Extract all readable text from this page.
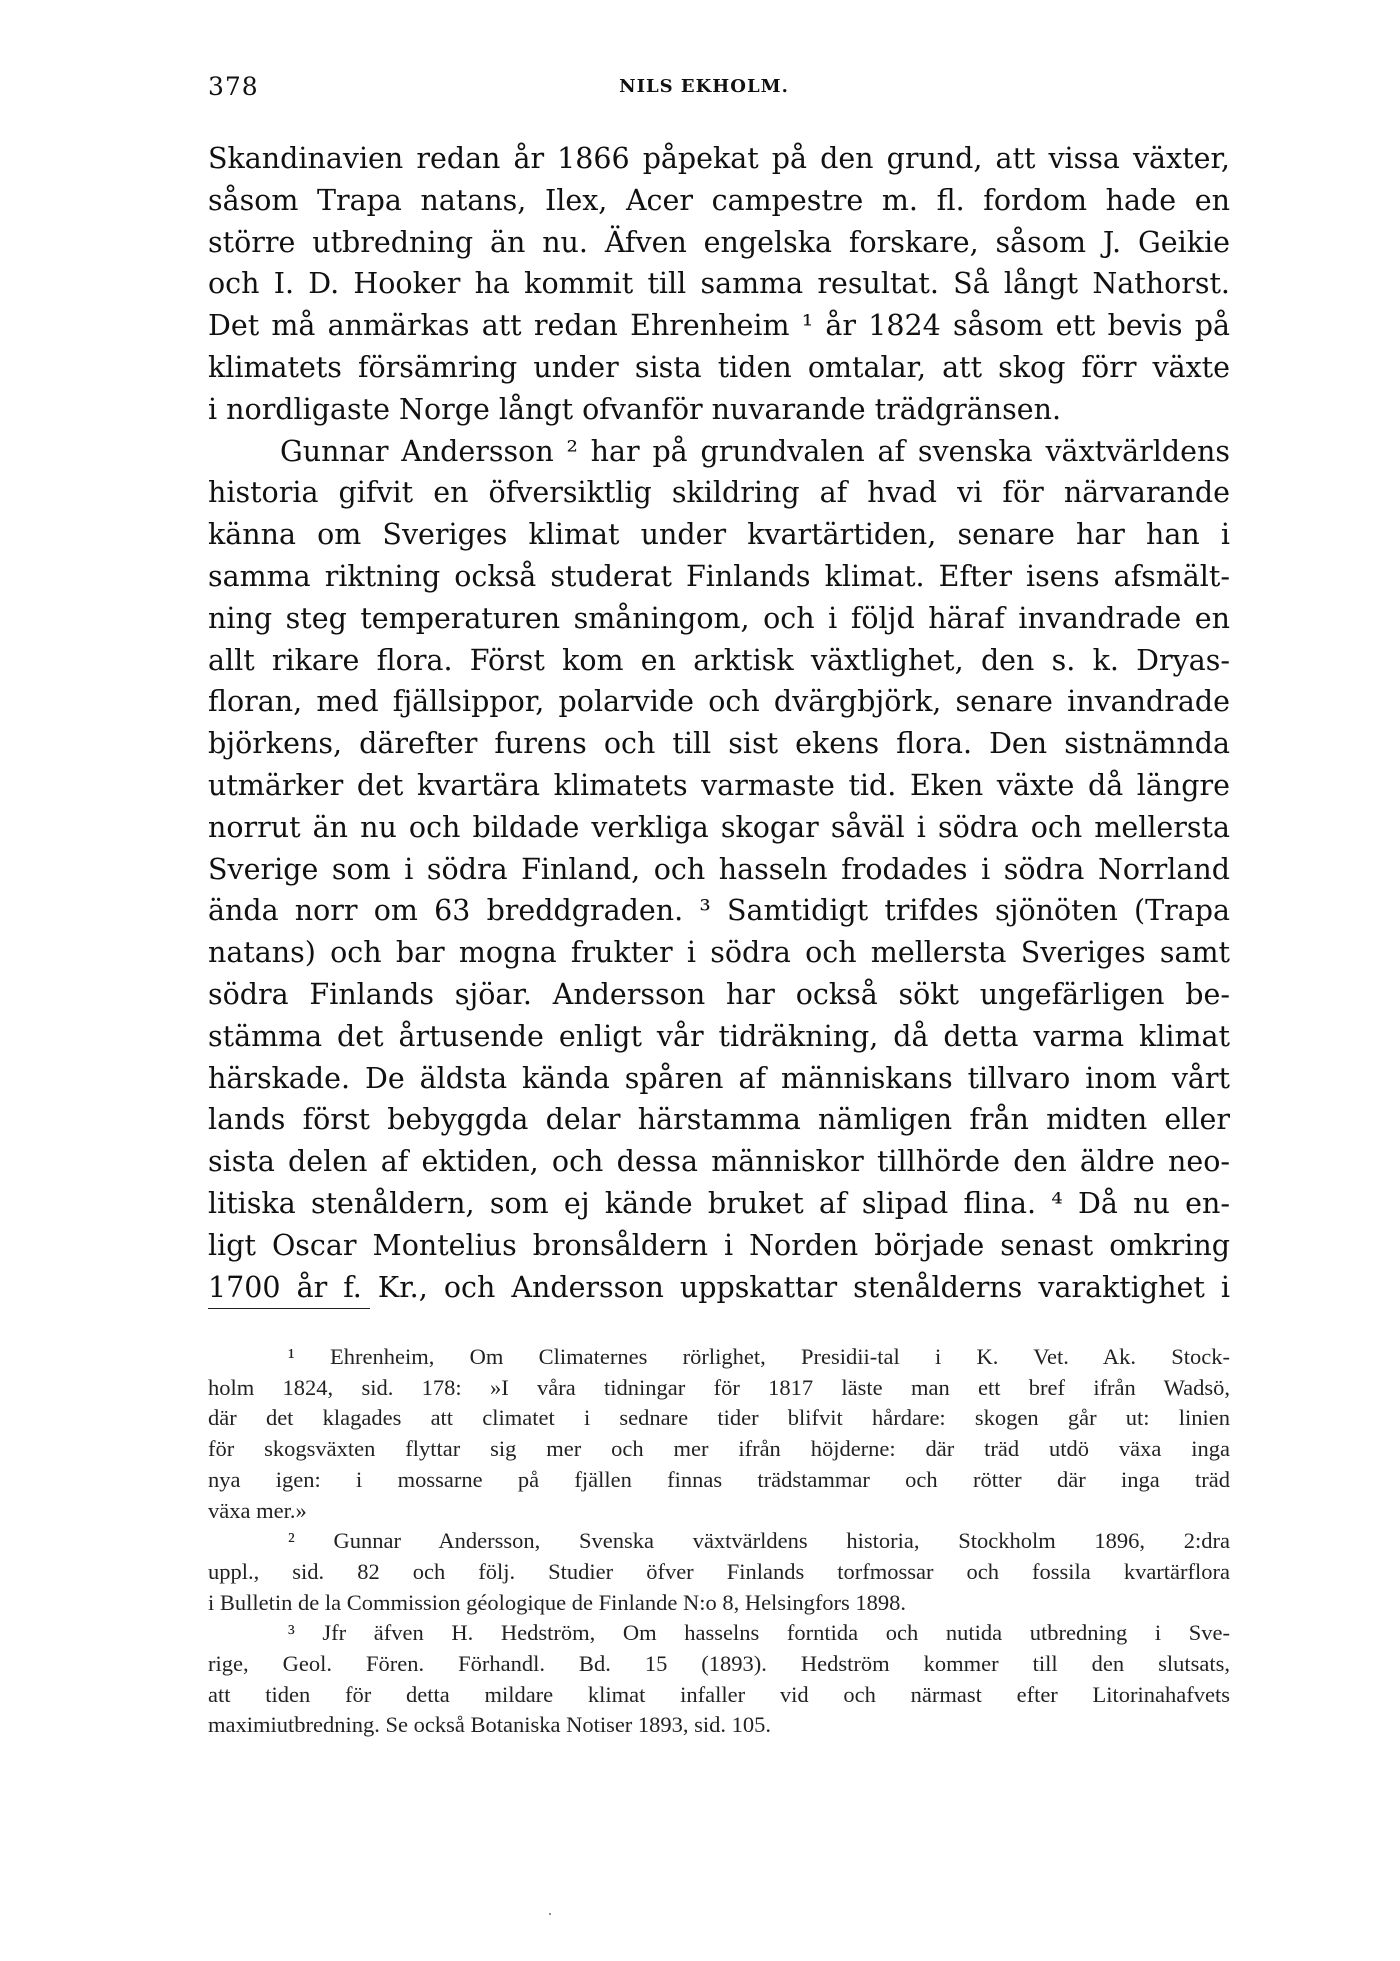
378	NILS EKHOLM.
Skandinavien redan år 1866 påpekat på den grund, att vissa växter,
såsom Trapa natans, Ilex, Acer campestre m. fl. fordom hade en
större utbredning än nu. Äfven engelska forskare, såsom J. Geikie
och I. D. Hooker ha kommit till samma resultat. Så långt Nathorst.
Det må anmärkas att redan Ehrenheim ¹ år 1824 såsom ett bevis på
klimatets försämring under sista tiden omtalar, att skog förr växte
i nordligaste Norge långt ofvanför nuvarande trädgränsen.
Gunnar Andersson ² har på grundvalen af svenska växtvärldens
historia gifvit en öfversiktlig skildring af hvad vi för närvarande
känna om Sveriges klimat under kvartärtiden, senare har han i
samma riktning också studerat Finlands klimat. Efter isens afsmält-
ning steg temperaturen småningom, och i följd häraf invandrade en
allt rikare flora. Först kom en arktisk växtlighet, den s. k. Dryas-
floran, med fjällsippor, polarvide och dvärgbjörk, senare invandrade
björkens, därefter furens och till sist ekens flora. Den sistnämnda
utmärker det kvartära klimatets varmaste tid. Eken växte då längre
norrut än nu och bildade verkliga skogar såväl i södra och mellersta
Sverige som i södra Finland, och hasseln frodades i södra Norrland
ända norr om 63 breddgraden. ³ Samtidigt trifdes sjönöten (Trapa
natans) och bar mogna frukter i södra och mellersta Sveriges samt
södra Finlands sjöar. Andersson har också sökt ungefärligen be-
stämma det årtusende enligt vår tidräkning, då detta varma klimat
härskade. De äldsta kända spåren af människans tillvaro inom vårt
lands först bebyggda delar härstamma nämligen från midten eller
sista delen af ektiden, och dessa människor tillhörde den äldre neo-
litiska stenåldern, som ej kände bruket af slipad flina. ⁴ Då nu en-
ligt Oscar Montelius bronsåldern i Norden började senast omkring
1700 år f. Kr., och Andersson uppskattar stenålderns varaktighet i
¹ Ehrenheim, Om Climaternes rörlighet, Presidii-tal i K. Vet. Ak. Stock-
holm 1824, sid. 178: »I våra tidningar för 1817 läste man ett bref ifrån Wadsö,
där det klagades att climatet i sednare tider blifvit hårdare: skogen går ut: linien
för skogsväxten flyttar sig mer och mer ifrån höjderne: där träd utdö växa inga
nya igen: i mossarne på fjällen finnas trädstammar och rötter där inga träd
växa mer.»
² Gunnar Andersson, Svenska växtvärldens historia, Stockholm 1896, 2:dra
uppl., sid. 82 och följ. Studier öfver Finlands torfmossar och fossila kvartärflora
i Bulletin de la Commission géologique de Finlande N:o 8, Helsingfors 1898.
³ Jfr äfven H. Hedström, Om hasselns forntida och nutida utbredning i Sve-
rige, Geol. Fören. Förhandl. Bd. 15 (1893). Hedström kommer till den slutsats,
att tiden för detta mildare klimat infaller vid och närmast efter Litorinahafvets
maximiutbredning. Se också Botaniska Notiser 1893, sid. 105.
